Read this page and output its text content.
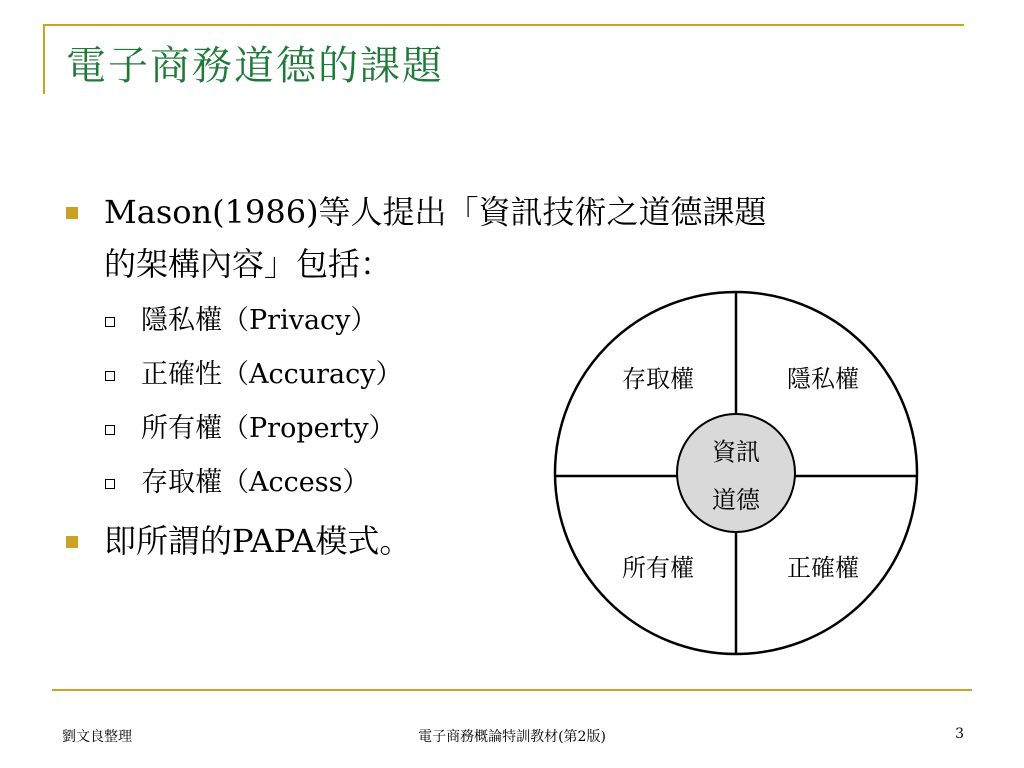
電子商務道德的課題
Mason(1986)等人提出「資訊技術之道德課題
的架構內容」包括：
隱私權（Privacy）
正確性（Accuracy）
所有權（Property）
存取權（Access）
即所謂的PAPA模式。
存取權	隱私權
所有權	正確權
資訊
道德
劉文良整理	電子商務概論特訓教材(第2版)	3
